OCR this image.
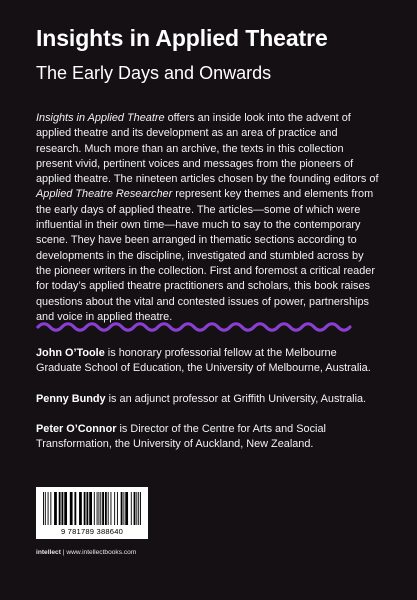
Insights in Applied Theatre
The Early Days and Onwards

Insights in Applied Theatre offers an inside look into the advent of applied theatre and its development as an area of practice and research. Much more than an archive, the texts in this collection present vivid, pertinent voices and messages from the pioneers of applied theatre. The nineteen articles chosen by the founding editors of Applied Theatre Researcher represent key themes and elements from the early days of applied theatre. The articles—some of which were influential in their own time—have much to say to the contemporary scene. They have been arranged in thematic sections according to developments in the discipline, investigated and stumbled across by the pioneer writers in the collection. First and foremost a critical reader for today’s applied theatre practitioners and scholars, this book raises questions about the vital and contested issues of power, partnerships and voice in applied theatre.

John O’Toole is honorary professorial fellow at the Melbourne Graduate School of Education, the University of Melbourne, Australia.

Penny Bundy is an adjunct professor at Griffith University, Australia.

Peter O’Connor is Director of the Centre for Arts and Social Transformation, the University of Auckland, New Zealand.

9 781789 388640
intellect | www.intellectbooks.com
